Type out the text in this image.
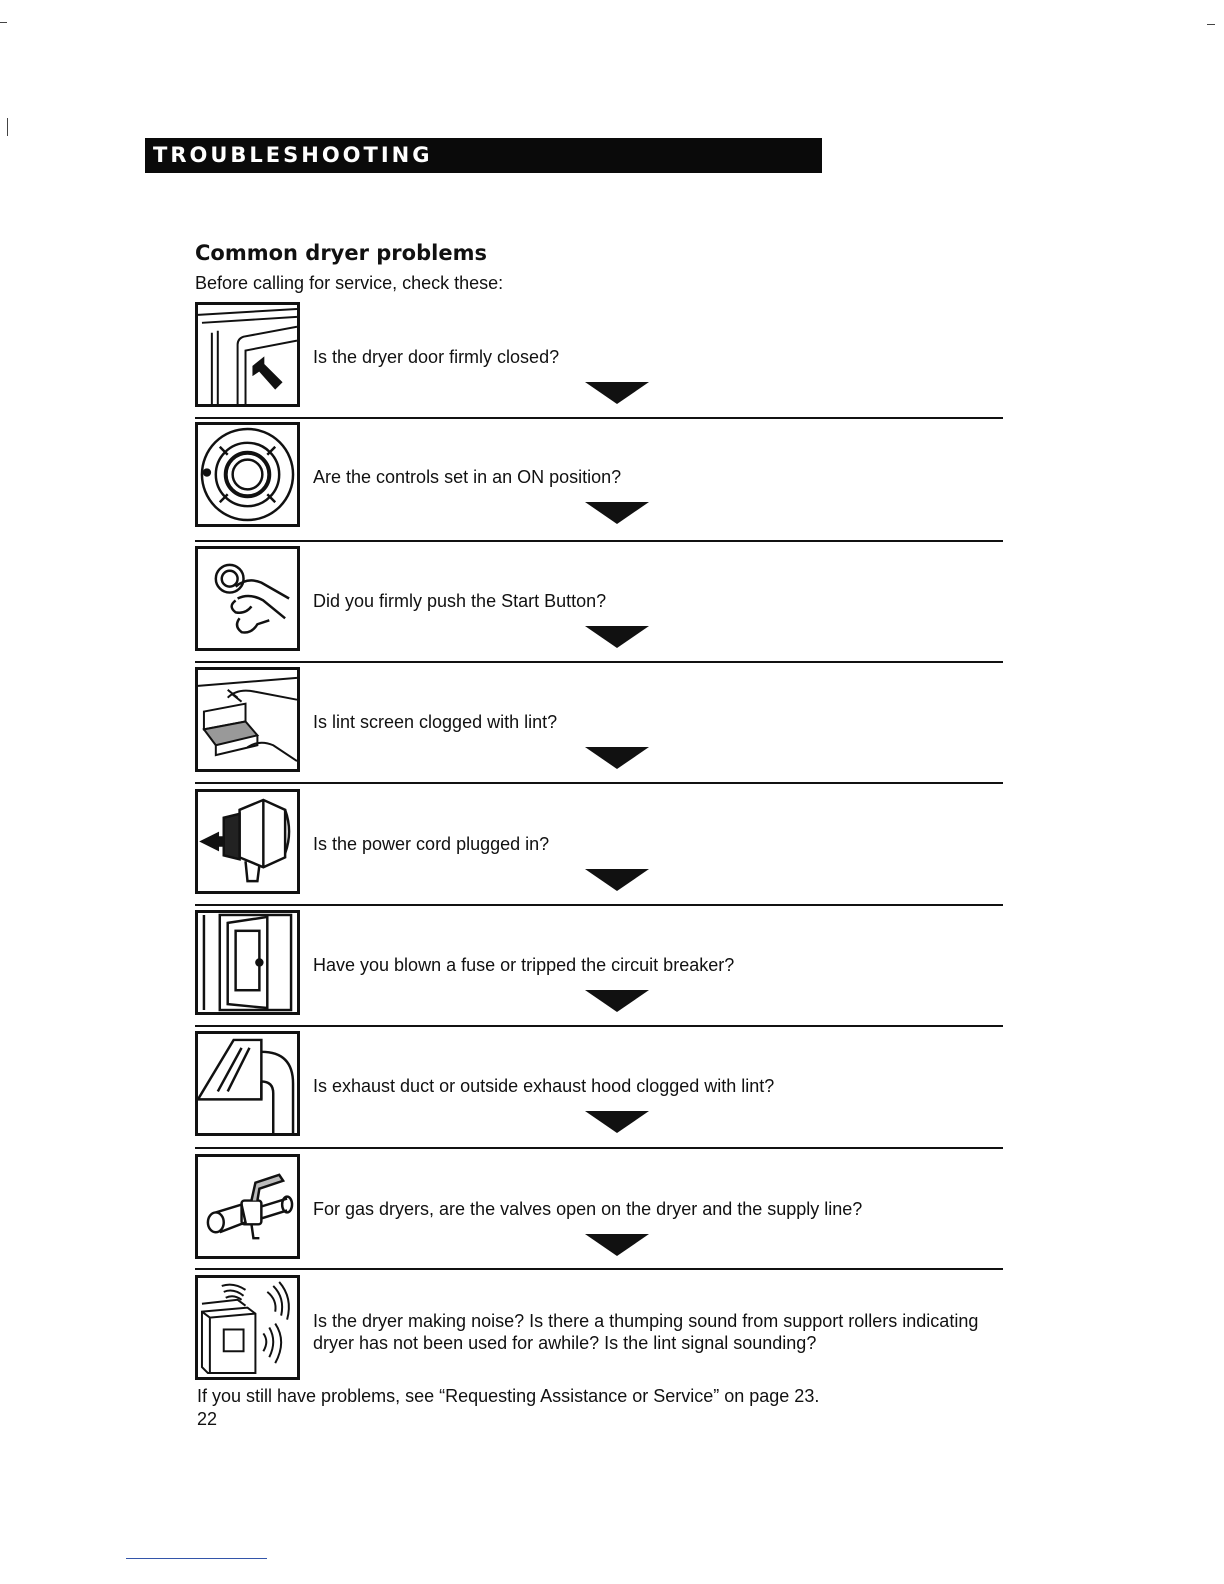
TROUBLESHOOTING
Common dryer problems
Before calling for service, check these:
Is the dryer door firmly closed?
Are the controls set in an ON position?
Did you firmly push the Start Button?
Is lint screen clogged with lint?
Is the power cord plugged in?
Have you blown a fuse or tripped the circuit breaker?
Is exhaust duct or outside exhaust hood clogged with lint?
For gas dryers, are the valves open on the dryer and the supply line?
Is the dryer making noise? Is there a thumping sound from support rollers indicating dryer has not been used for awhile? Is the lint signal sounding?
If you still have problems, see “Requesting Assistance or Service” on page 23.
22
